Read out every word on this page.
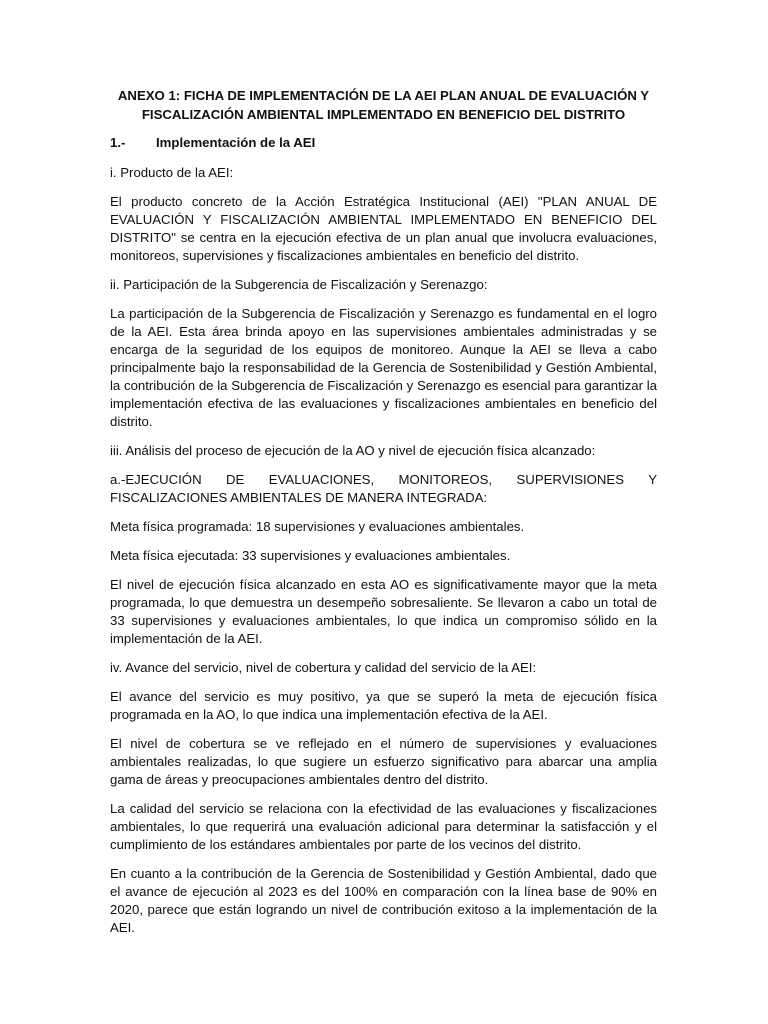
ANEXO 1: FICHA DE IMPLEMENTACIÓN DE LA AEI PLAN ANUAL DE EVALUACIÓN Y FISCALIZACIÓN AMBIENTAL IMPLEMENTADO EN BENEFICIO DEL DISTRITO
1.-	Implementación de la AEI

i. Producto de la AEI:

El producto concreto de la Acción Estratégica Institucional (AEI) "PLAN ANUAL DE EVALUACIÓN Y FISCALIZACIÓN AMBIENTAL IMPLEMENTADO EN BENEFICIO DEL DISTRITO" se centra en la ejecución efectiva de un plan anual que involucra evaluaciones, monitoreos, supervisiones y fiscalizaciones ambientales en beneficio del distrito.

ii. Participación de la Subgerencia de Fiscalización y Serenazgo:

La participación de la Subgerencia de Fiscalización y Serenazgo es fundamental en el logro de la AEI. Esta área brinda apoyo en las supervisiones ambientales administradas y se encarga de la seguridad de los equipos de monitoreo. Aunque la AEI se lleva a cabo principalmente bajo la responsabilidad de la Gerencia de Sostenibilidad y Gestión Ambiental, la contribución de la Subgerencia de Fiscalización y Serenazgo es esencial para garantizar la implementación efectiva de las evaluaciones y fiscalizaciones ambientales en beneficio del distrito.

iii. Análisis del proceso de ejecución de la AO y nivel de ejecución física alcanzado:

a.-EJECUCIÓN DE EVALUACIONES, MONITOREOS, SUPERVISIONES Y FISCALIZACIONES AMBIENTALES DE MANERA INTEGRADA:

Meta física programada: 18 supervisiones y evaluaciones ambientales.

Meta física ejecutada: 33 supervisiones y evaluaciones ambientales.

El nivel de ejecución física alcanzado en esta AO es significativamente mayor que la meta programada, lo que demuestra un desempeño sobresaliente. Se llevaron a cabo un total de 33 supervisiones y evaluaciones ambientales, lo que indica un compromiso sólido en la implementación de la AEI.

iv. Avance del servicio, nivel de cobertura y calidad del servicio de la AEI:

El avance del servicio es muy positivo, ya que se superó la meta de ejecución física programada en la AO, lo que indica una implementación efectiva de la AEI.

El nivel de cobertura se ve reflejado en el número de supervisiones y evaluaciones ambientales realizadas, lo que sugiere un esfuerzo significativo para abarcar una amplia gama de áreas y preocupaciones ambientales dentro del distrito.

La calidad del servicio se relaciona con la efectividad de las evaluaciones y fiscalizaciones ambientales, lo que requerirá una evaluación adicional para determinar la satisfacción y el cumplimiento de los estándares ambientales por parte de los vecinos del distrito.

En cuanto a la contribución de la Gerencia de Sostenibilidad y Gestión Ambiental, dado que el avance de ejecución al 2023 es del 100% en comparación con la línea base de 90% en 2020, parece que están logrando un nivel de contribución exitoso a la implementación de la AEI.
